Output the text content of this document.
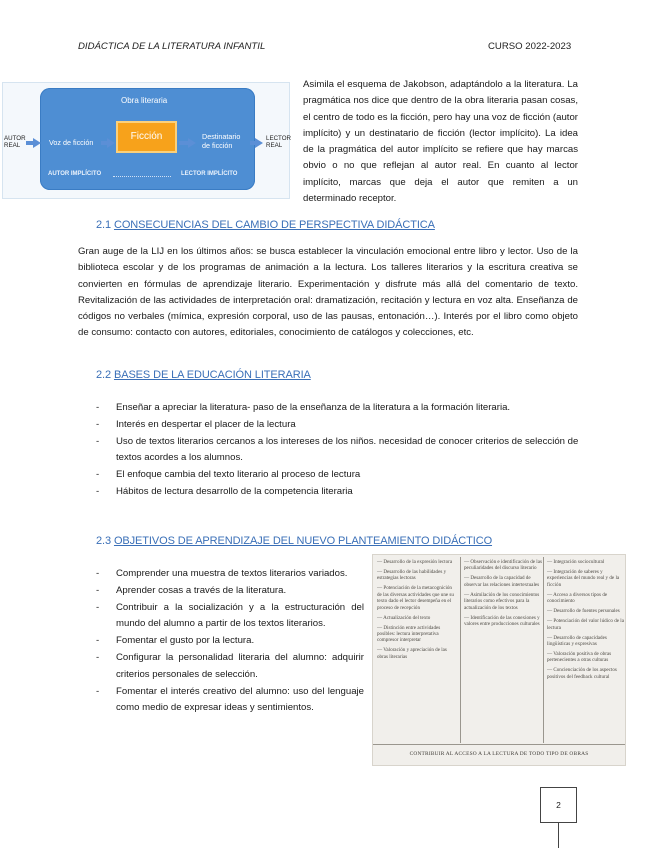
DIDÁCTICA DE LA LITERATURA INFANTIL	CURSO 2022-2023
Obra literaria
AUTOR REAL	Voz de ficción
Ficción	Destinatario de ficción
LECTOR REAL
AUTOR IMPLÍCITO	LECTOR IMPLÍCITO
Asimila el esquema de Jakobson, adaptándolo a la literatura. La pragmática nos dice que dentro de la obra literaria pasan cosas, el centro de todo es la ficción, pero hay una voz de ficción (autor implícito) y un destinatario de ficción (lector implícito). La idea de la pragmática del autor implícito se refiere que hay marcas obvio o no que reflejan al autor real. En cuanto al lector implícito, marcas que deja el autor que remiten a un determinado receptor.
2.1 CONSECUENCIAS DEL CAMBIO DE PERSPECTIVA DIDÁCTICA
Gran auge de la LIJ en los últimos años: se busca establecer la vinculación emocional entre libro y lector. Uso de la biblioteca escolar y de los programas de animación a la lectura. Los talleres literarios y la escritura creativa se convierten en fórmulas de aprendizaje literario. Experimentación y disfrute más allá del comentario de texto. Revitalización de las actividades de interpretación oral: dramatización, recitación y lectura en voz alta. Enseñanza de códigos no verbales (mímica, expresión corporal, uso de las pausas, entonación…). Interés por el libro como objeto de consumo: contacto con autores, editoriales, conocimiento de catálogos y colecciones, etc.
2.2 BASES DE LA EDUCACIÓN LITERARIA
- Enseñar a apreciar la literatura- paso de la enseñanza de la literatura a la formación literaria.
- Interés en despertar el placer de la lectura
- Uso de textos literarios cercanos a los intereses de los niños. necesidad de conocer criterios de selección de textos acordes a los alumnos.
- El enfoque cambia del texto literario al proceso de lectura
- Hábitos de lectura desarrollo de la competencia literaria
2.3 OBJETIVOS DE APRENDIZAJE DEL NUEVO PLANTEAMIENTO DIDÁCTICO
- Comprender una muestra de textos literarios variados.
- Aprender cosas a través de la literatura.
- Contribuir a la socialización y a la estructuración del mundo del alumno a partir de los textos literarios.
- Fomentar el gusto por la lectura.
- Configurar la personalidad literaria del alumno: adquirir criterios personales de selección.
- Fomentar el interés creativo del alumno: uso del lenguaje como medio de expresar ideas y sentimientos.

— Desarrollo de la expresión lectora

— Desarrollo de las habilidades y estrategias lectoras

— Potenciación de la metacognición de las diversas actividades que une su texto dado el lector desempeña en el proceso de recepción

— Actualización del texto

— Distinción entre actividades posibles: lectura interpretativa compresor interpretar

— Valoración y apreciación de las obras literarias

— Observación e identificación de las peculiaridades del discurso literario

— Desarrollo de la capacidad de observar las relaciones intertextuales

— Asimilación de los conocimientos literarios como efectivos para la actualización de los textos

— Identificación de las conexiones y valores entre producciones culturales

— Integración sociocultural

— Integración de saberes y experiencias del mundo real y de la ficción

— Acceso a diversos tipos de conocimiento

— Desarrollo de fuentes personales

— Potenciación del valor lúdico de la lectura

— Desarrollo de capacidades lingüísticas y expresivas

— Valoración positiva de obras pertenecientes a otras culturas

— Concienciación de los aspectos positivos del feedback cultural

CONTRIBUIR AL ACCESO A LA LECTURA DE TODO TIPO DE OBRAS
2
